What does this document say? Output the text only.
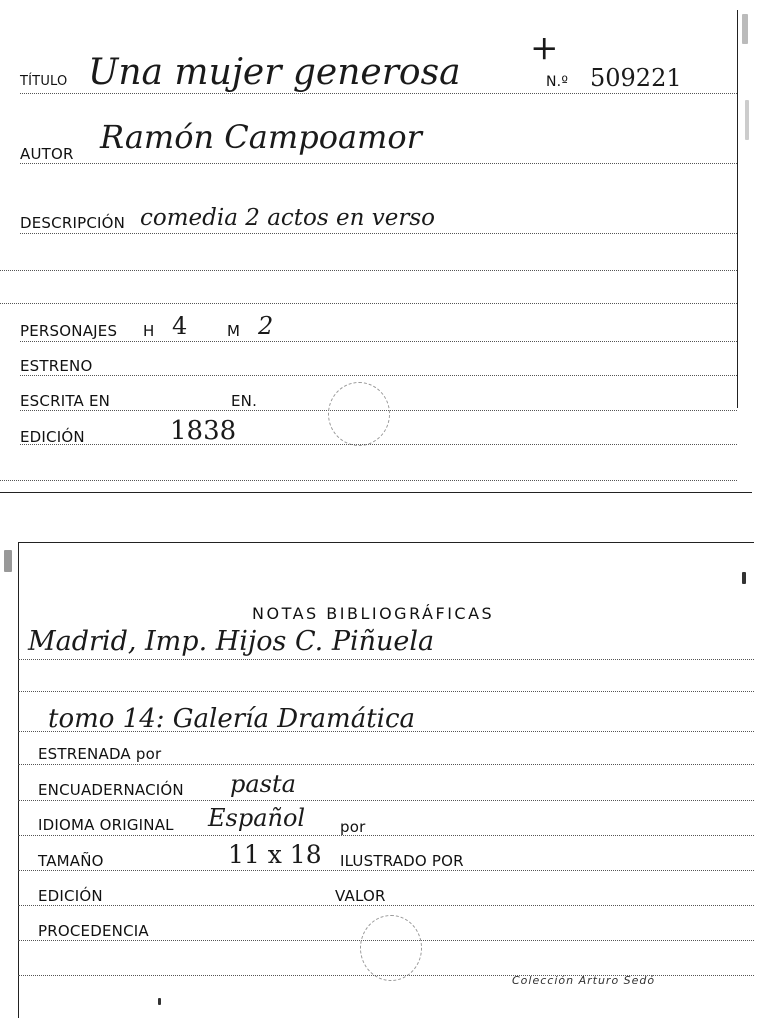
+
TÍTULO Una mujer generosa	N.º 509221
AUTOR Ramón Campoamor
DESCRIPCIÓN comedia 2 actos en verso
PERSONAJES H 4	M 2
ESTRENO
ESCRITA EN	EN.
EDICIÓN	1838
NOTAS BIBLIOGRÁFICAS
Madrid, Imp. Hijos C. Piñuela
tomo 14: Galería Dramática
ESTRENADA por
ENCUADERNACIÓN pasta
IDIOMA ORIGINAL Español por
TAMAÑO	11 x 18 ILUSTRADO POR
EDICIÓN	VALOR
PROCEDENCIA
Colección Arturo Sedó
